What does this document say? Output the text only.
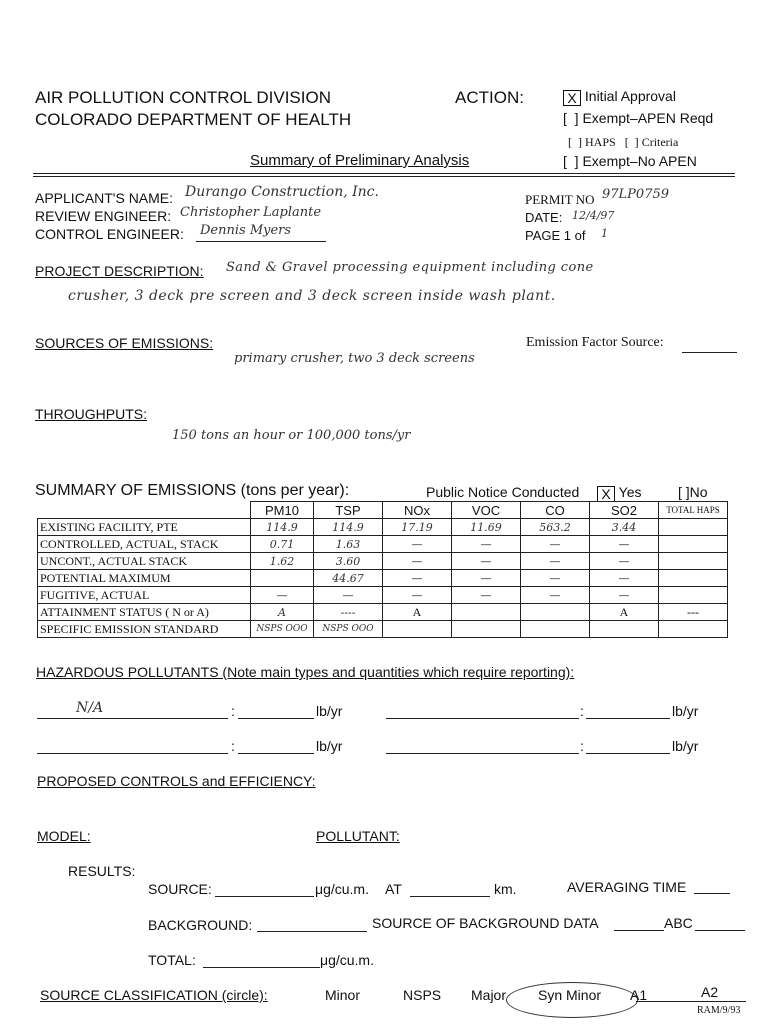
AIR POLLUTION CONTROL DIVISION
COLORADO DEPARTMENT OF HEALTH
ACTION:	X Initial Approval
[  ] Exempt–APEN Reqd
[  ] HAPS [  ] Criteria
Summary of Preliminary Analysis	[  ] Exempt–No APEN
APPLICANT'S NAME: Durango Construction, Inc.
REVIEW ENGINEER: Christopher Laplante
CONTROL ENGINEER: Dennis Myers
PERMIT NO 97LP0759
DATE: 12/4/97
PAGE 1 of 1
PROJECT DESCRIPTION: Sand & Gravel processing equipment including cone
crusher, 3 deck pre screen and 3 deck screen inside wash plant.
SOURCES OF EMISSIONS:	Emission Factor Source:
primary crusher, two 3 deck screens
THROUGHPUTS:
150 tons an hour or 100,000 tons/yr
SUMMARY OF EMISSIONS (tons per year):	Public Notice Conducted	X Yes	[ ]No
	PM10	TSP	NOx	VOC	CO	SO2	TOTAL HAPS
EXISTING FACILITY, PTE	114.9	114.9	17.19	11.69	563.2	3.44	
CONTROLLED, ACTUAL, STACK	0.71	1.63	—	—	—	—	
UNCONT., ACTUAL STACK	1.62	3.60	—	—	—	—	
POTENTIAL MAXIMUM		44.67	—	—	—	—	
FUGITIVE, ACTUAL	—	—	—	—	—	—	
ATTAINMENT STATUS ( N or A)	A	----	A			A	---
SPECIFIC EMISSION STANDARD	NSPS OOO	NSPS OOO					
HAZARDOUS POLLUTANTS (Note main types and quantities which require reporting):
N/A	:	lb/yr	:	lb/yr
:	lb/yr	:	lb/yr
PROPOSED CONTROLS and EFFICIENCY:
MODEL:	POLLUTANT:
RESULTS:
SOURCE:	μg/cu.m. AT	km.	AVERAGING TIME
BACKGROUND:	SOURCE OF BACKGROUND DATA	ABC
TOTAL:	μg/cu.m.
SOURCE CLASSIFICATION (circle):	Minor	NSPS Major Syn Minor A1	A2
RAM/9/93
